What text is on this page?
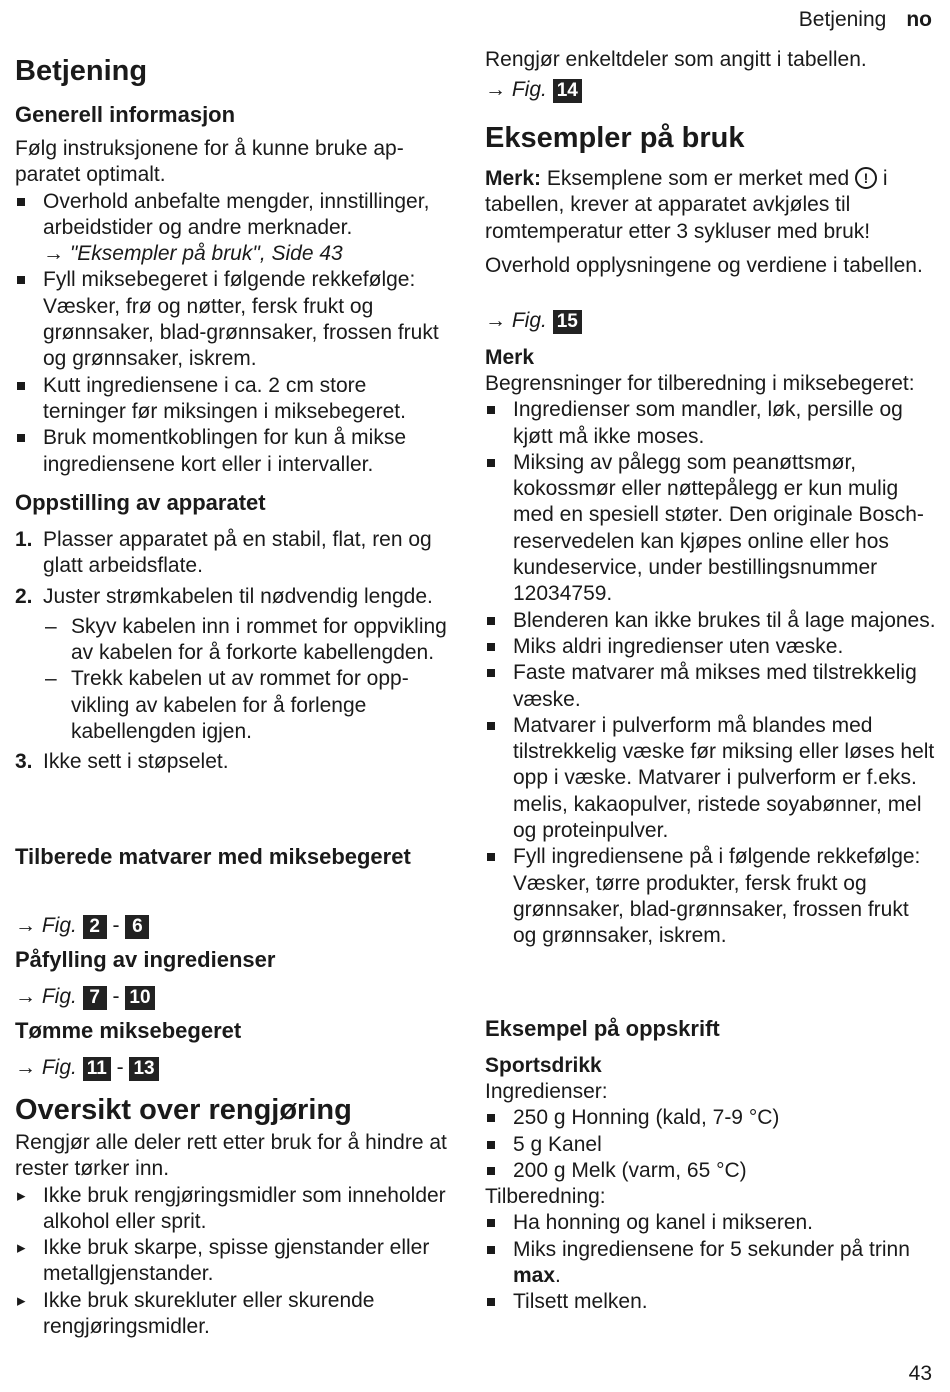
Betjening no
Betjening
Generell informasjon

Følg instruksjonene for å kunne bruke apparatet optimalt.

Overhold anbefalte mengder, innstillinger, arbeidstider og andre merknader.
→ "Eksempler på bruk", Side 43
Fyll miksebegeret i følgende rekkefølge: Væsker, frø og nøtter, fersk frukt og grønnsaker, blad-grønnsaker, frossen frukt og grønnsaker, iskrem.
Kutt ingrediensene i ca. 2 cm store terninger før miksingen i miksebegeret.
Bruk momentkoblingen for kun å mikse ingrediensene kort eller i intervaller.
Oppstilling av apparatet
1. Plasser apparatet på en stabil, flat, ren og glatt arbeidsflate.
2. Juster strømkabelen til nødvendig lengde.
– Skyv kabelen inn i rommet for oppvikling av kabelen for å forkorte kabellengden.
– Trekk kabelen ut av rommet for oppvikling av kabelen for å forlenge kabellengden igjen.
3. Ikke sett i støpselet.
Tilberede matvarer med miksebegeret
→ Fig. 2 - 6
Påfylling av ingredienser
→ Fig. 7 - 10
Tømme miksebegeret
→ Fig. 11 - 13
Oversikt over rengjøring

Rengjør alle deler rett etter bruk for å hindre at rester tørker inn.

▸ Ikke bruk rengjøringsmidler som inneholder alkohol eller sprit.
▸ Ikke bruk skarpe, spisse gjenstander eller metallgjenstander.
▸ Ikke bruk skurekluter eller skurende rengjøringsmidler.

Rengjør enkeltdeler som angitt i tabellen.

→ Fig. 14
Eksempler på bruk

Merk: Eksemplene som er merket med ! i tabellen, krever at apparatet avkjøles til romtemperatur etter 3 sykluser med bruk!

Overhold opplysningene og verdiene i tabellen.

→ Fig. 15
Merk

Begrensninger for tilberedning i miksebegeret:

Ingredienser som mandler, løk, persille og kjøtt må ikke moses.
Miksing av pålegg som peanøttsmør, kokossmør eller nøttepålegg er kun mulig med en spesiell støter. Den originale Bosch-reservedelen kan kjøpes online eller hos kundeservice, under bestillingsnummer 12034759.
Blenderen kan ikke brukes til å lage majones.
Miks aldri ingredienser uten væske.
Faste matvarer må mikses med tilstrekkelig væske.
Matvarer i pulverform må blandes med tilstrekkelig væske før miksing eller løses helt opp i væske. Matvarer i pulverform er f.eks. melis, kakaopulver, ristede soyabønner, mel og proteinpulver.
Fyll ingrediensene på i følgende rekkefølge: Væsker, tørre produkter, fersk frukt og grønnsaker, blad-grønnsaker, frossen frukt og grønnsaker, iskrem.
Eksempel på oppskrift
Sportsdrikk

Ingredienser:

250 g Honning (kald, 7-9 °C)
5 g Kanel
200 g Melk (varm, 65 °C)

Tilberedning:

Ha honning og kanel i mikseren.
Miks ingrediensene for 5 sekunder på trinn max.
Tilsett melken.
43
